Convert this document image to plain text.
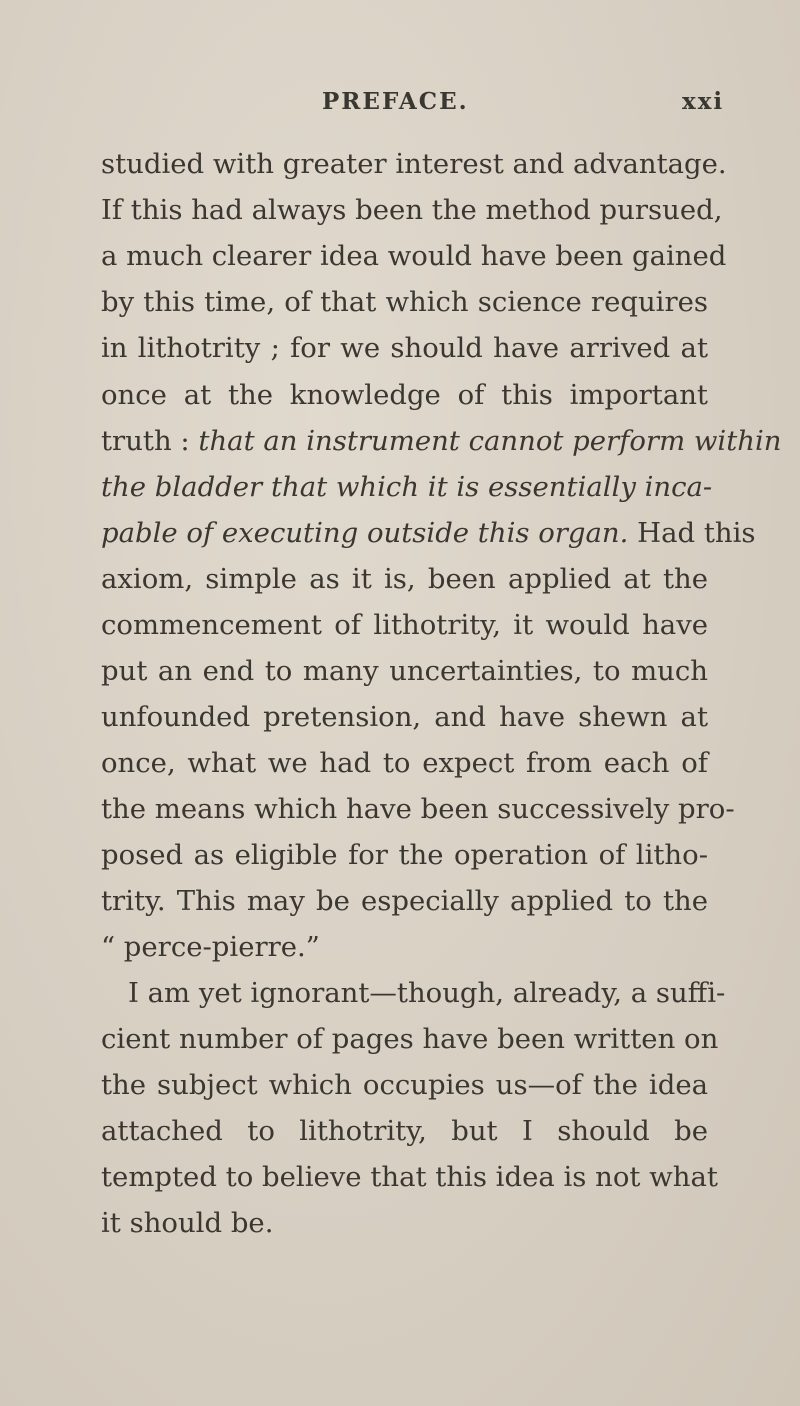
PREFACE.	xxi
studied with greater interest and advantage.
If this had always been the method pursued,
a much clearer idea would have been gained
by this time, of that which science requires
in lithotrity ; for we should have arrived at
once at the knowledge of this important
truth : that an instrument cannot perform within
the bladder that which it is essentially inca-
pable of executing outside this organ. Had this
axiom, simple as it is, been applied at the
commencement of lithotrity, it would have
put an end to many uncertainties, to much
unfounded pretension, and have shewn at
once, what we had to expect from each of
the means which have been successively pro-
posed as eligible for the operation of litho-
trity. This may be especially applied to the
“ perce-pierre.”
I am yet ignorant—though, already, a suffi-
cient number of pages have been written on
the subject which occupies us—of the idea
attached to lithotrity, but I should be
tempted to believe that this idea is not what
it should be.
